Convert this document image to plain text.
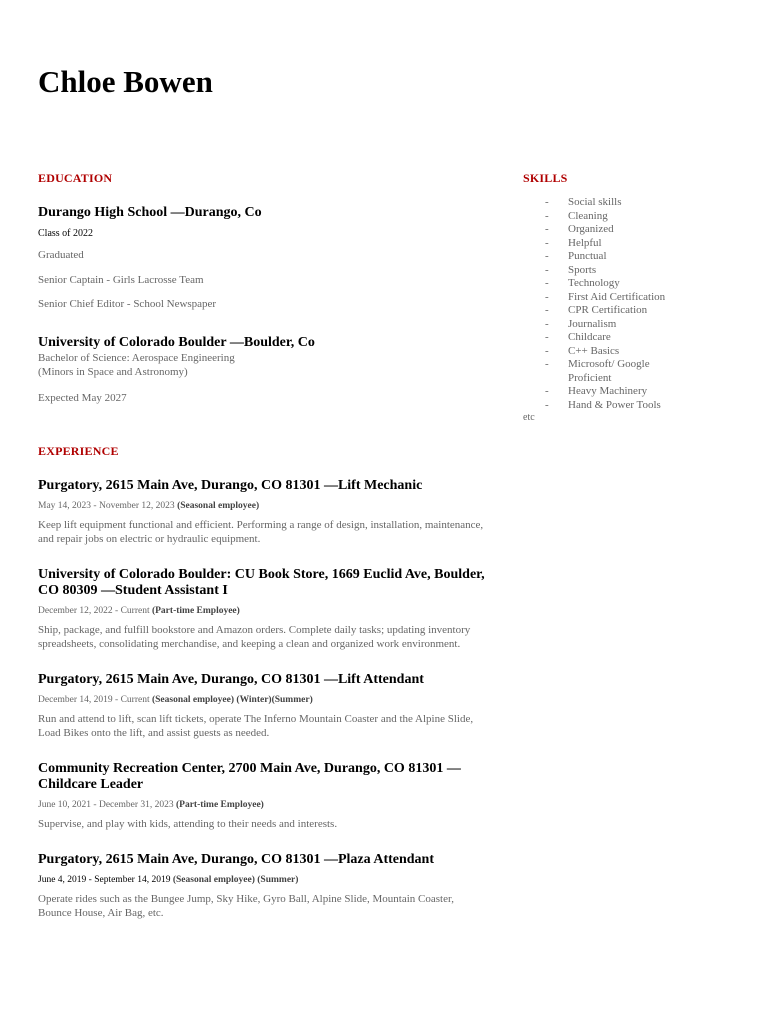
Chloe Bowen
EDUCATION
Durango High School —Durango, Co
Class of 2022
Graduated
Senior Captain - Girls Lacrosse Team
Senior Chief Editor - School Newspaper
University of Colorado Boulder —Boulder, Co
Bachelor of Science: Aerospace Engineering
(Minors in Space and Astronomy)
Expected May 2027
SKILLS
-	Social skills
-	Cleaning
-	Organized
-	Helpful
-	Punctual
-	Sports
-	Technology
-	First Aid Certification
-	CPR Certification
-	Journalism
-	Childcare
-	C++ Basics
-	Microsoft/ Google Proficient
-	Heavy Machinery
-	Hand & Power Tools
etc
EXPERIENCE
Purgatory, 2615 Main Ave, Durango, CO 81301 —Lift Mechanic
May 14, 2023 - November 12, 2023 (Seasonal employee)
Keep lift equipment functional and efficient. Performing a range of design, installation, maintenance, and repair jobs on electric or hydraulic equipment.
University of Colorado Boulder: CU Book Store, 1669 Euclid Ave, Boulder, CO 80309 —Student Assistant I
December 12, 2022 - Current (Part-time Employee)
Ship, package, and fulfill bookstore and Amazon orders. Complete daily tasks; updating inventory spreadsheets, consolidating merchandise, and keeping a clean and organized work environment.
Purgatory, 2615 Main Ave, Durango, CO 81301 —Lift Attendant
December 14, 2019 - Current (Seasonal employee) (Winter)(Summer)
Run and attend to lift, scan lift tickets, operate The Inferno Mountain Coaster and the Alpine Slide, Load Bikes onto the lift, and assist guests as needed.
Community Recreation Center, 2700 Main Ave, Durango, CO 81301 —Childcare Leader
June 10, 2021 - December 31, 2023 (Part-time Employee)
Supervise, and play with kids, attending to their needs and interests.
Purgatory, 2615 Main Ave, Durango, CO 81301 —Plaza Attendant
June 4, 2019 - September 14, 2019 (Seasonal employee) (Summer)
Operate rides such as the Bungee Jump, Sky Hike, Gyro Ball, Alpine Slide, Mountain Coaster, Bounce House, Air Bag, etc.
